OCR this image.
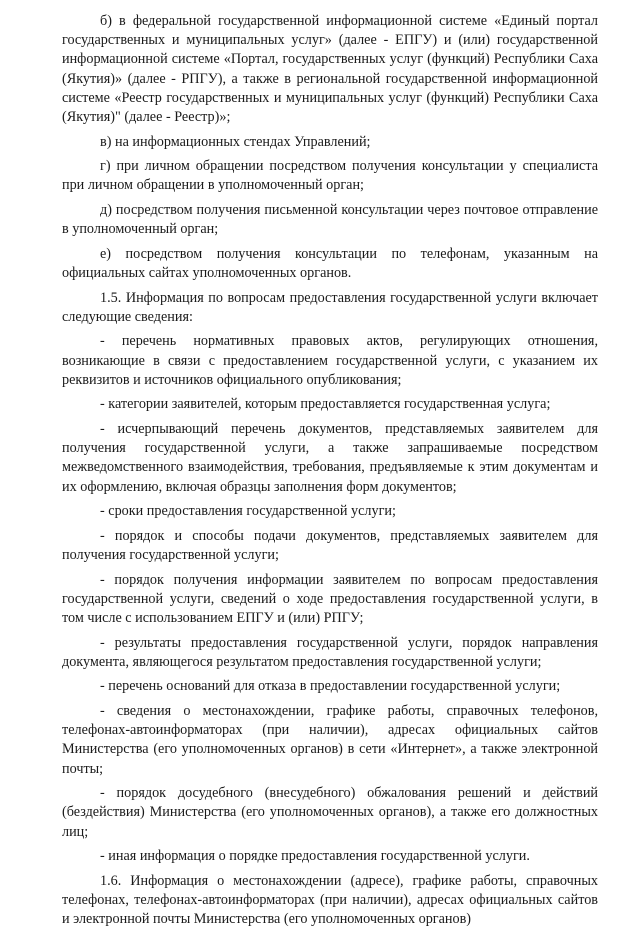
б) в федеральной государственной информационной системе «Единый портал государственных и муниципальных услуг» (далее - ЕПГУ) и (или) государственной информационной системе «Портал, государственных услуг (функций) Республики Саха (Якутия)» (далее - РПГУ), а также в региональной государственной информационной системе «Реестр государственных и муниципальных услуг (функций) Республики Саха (Якутия)" (далее - Реестр)»;

в) на информационных стендах Управлений;

г) при личном обращении посредством получения консультации у специалиста при личном обращении в уполномоченный орган;

д) посредством получения письменной консультации через почтовое отправление в уполномоченный орган;

е) посредством получения консультации по телефонам, указанным на официальных сайтах уполномоченных органов.

1.5. Информация по вопросам предоставления государственной услуги включает следующие сведения:

- перечень нормативных правовых актов, регулирующих отношения, возникающие в связи с предоставлением государственной услуги, с указанием их реквизитов и источников официального опубликования;

- категории заявителей, которым предоставляется государственная услуга;

- исчерпывающий перечень документов, представляемых заявителем для получения государственной услуги, а также запрашиваемые посредством межведомственного взаимодействия, требования, предъявляемые к этим документам и их оформлению, включая образцы заполнения форм документов;

- сроки предоставления государственной услуги;

- порядок и способы подачи документов, представляемых заявителем для получения государственной услуги;

- порядок получения информации заявителем по вопросам предоставления государственной услуги, сведений о ходе предоставления государственной услуги, в том числе с использованием ЕПГУ и (или) РПГУ;

- результаты предоставления государственной услуги, порядок направления документа, являющегося результатом предоставления государственной услуги;

- перечень оснований для отказа в предоставлении государственной услуги;

- сведения о местонахождении, графике работы, справочных телефонов, телефонах-автоинформаторах (при наличии), адресах официальных сайтов Министерства (его уполномоченных органов) в сети «Интернет», а также электронной почты;

- порядок досудебного (внесудебного) обжалования решений и действий (бездействия) Министерства (его уполномоченных органов), а также его должностных лиц;

- иная информация о порядке предоставления государственной услуги.

1.6. Информация о местонахождении (адресе), графике работы, справочных телефонах, телефонах-автоинформаторах (при наличии), адресах официальных сайтов и электронной почты Министерства (его уполномоченных органов)
